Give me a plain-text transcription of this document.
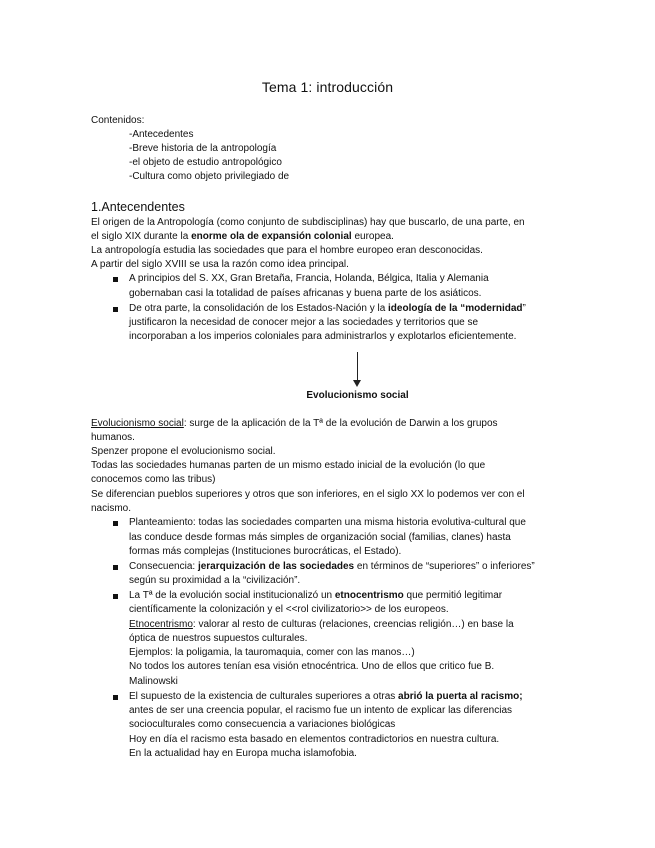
Tema 1: introducción
Contenidos:
-Antecedentes
-Breve historia de la antropología
-el objeto de estudio antropológico
-Cultura como objeto privilegiado de
1.Antecendentes
El origen de la Antropología (como conjunto de subdisciplinas) hay que buscarlo, de una parte, en
el siglo XIX durante la enorme ola de expansión colonial europea.
La antropología estudia las sociedades que para el hombre europeo eran desconocidas.
A partir del siglo XVIII se usa la razón como idea principal.
A principios del S. XX, Gran Bretaña, Francia, Holanda, Bélgica, Italia y Alemania
gobernaban casi la totalidad de países africanas y buena parte de los asiáticos.
De otra parte, la consolidación de los Estados-Nación y la ideología de la “modernidad”
justificaron la necesidad de conocer mejor a las sociedades y territorios que se
incorporaban a los imperios coloniales para administrarlos y explotarlos eficientemente.
Evolucionismo social
Evolucionismo social: surge de la aplicación de la Tª de la evolución de Darwin a los grupos
humanos.
Spenzer propone el evolucionismo social.
Todas las sociedades humanas parten de un mismo estado inicial de la evolución (lo que
conocemos como las tribus)
Se diferencian pueblos superiores y otros que son inferiores, en el siglo XX lo podemos ver con el
nacismo.
Planteamiento: todas las sociedades comparten una misma historia evolutiva-cultural que
las conduce desde formas más simples de organización social (familias, clanes) hasta
formas más complejas (Instituciones burocráticas, el Estado).
Consecuencia: jerarquización de las sociedades en términos de “superiores” o inferiores”
según su proximidad a la “civilización”.
La Tª de la evolución social institucionalizó un etnocentrismo que permitió legitimar
científicamente la colonización y el <<rol civilizatorio>> de los europeos.
Etnocentrismo: valorar al resto de culturas (relaciones, creencias religión…) en base la
óptica de nuestros supuestos culturales.
Ejemplos: la poligamia, la tauromaquia, comer con las manos…)
No todos los autores tenían esa visión etnocéntrica. Uno de ellos que critico fue B.
Malinowski
El supuesto de la existencia de culturales superiores a otras abrió la puerta al racismo;
antes de ser una creencia popular, el racismo fue un intento de explicar las diferencias
socioculturales como consecuencia a variaciones biológicas
Hoy en día el racismo esta basado en elementos contradictorios en nuestra cultura.
En la actualidad hay en Europa mucha islamofobia.
